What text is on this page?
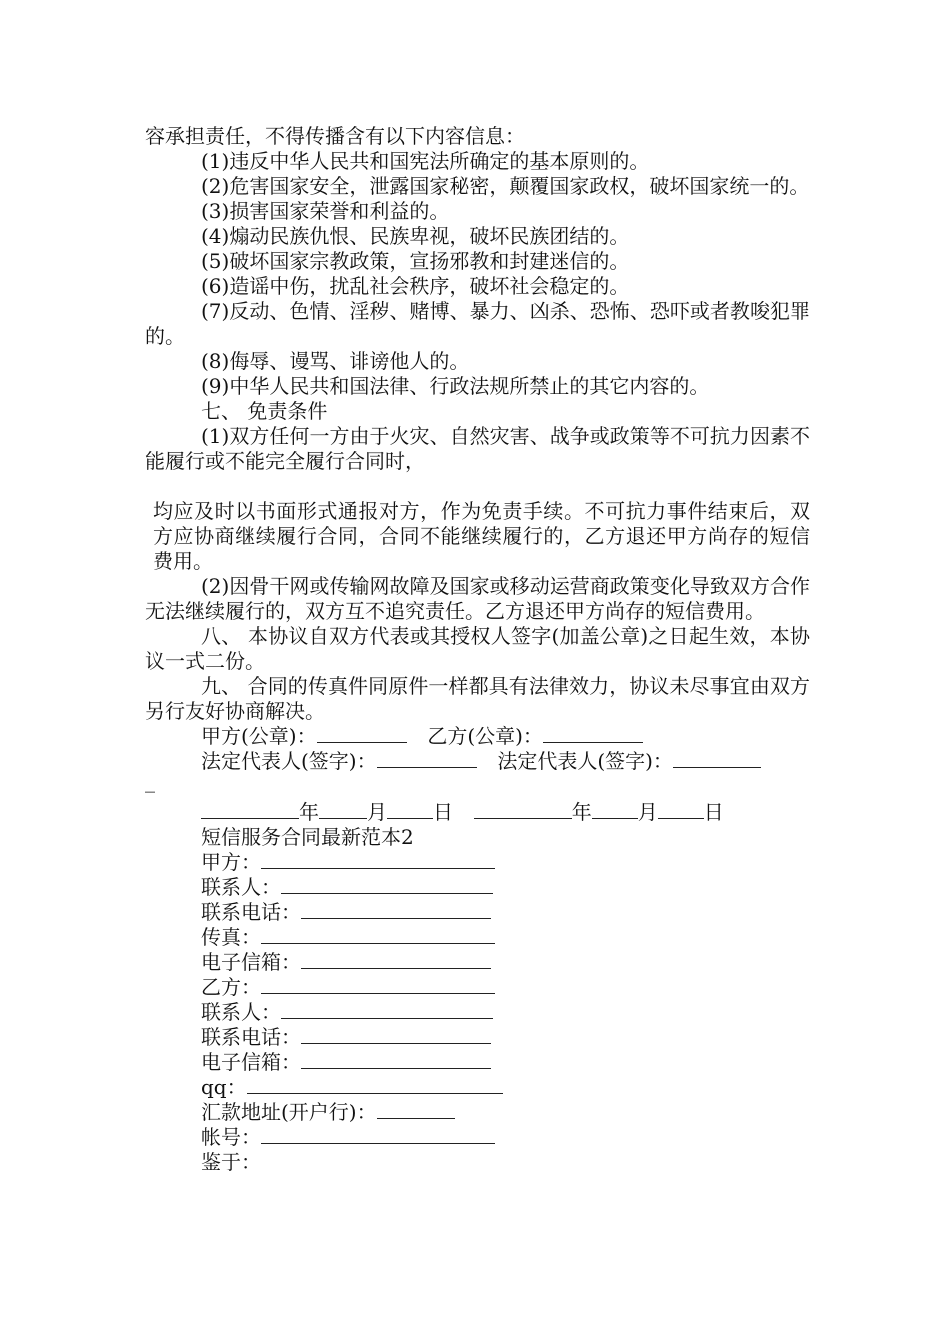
容承担责任，不得传播含有以下内容信息：

(1)违反中华人民共和国宪法所确定的基本原则的。

(2)危害国家安全，泄露国家秘密，颠覆国家政权，破坏国家统一的。

(3)损害国家荣誉和利益的。

(4)煽动民族仇恨、民族卑视，破坏民族团结的。

(5)破坏国家宗教政策，宣扬邪教和封建迷信的。

(6)造谣中伤，扰乱社会秩序，破坏社会稳定的。

(7)反动、色情、淫秽、赌博、暴力、凶杀、恐怖、恐吓或者教唆犯罪的。

(8)侮辱、谩骂、诽谤他人的。

(9)中华人民共和国法律、行政法规所禁止的其它内容的。

七、 免责条件

(1)双方任何一方由于火灾、自然灾害、战争或政策等不可抗力因素不能履行或不能完全履行合同时，

均应及时以书面形式通报对方，作为免责手续。不可抗力事件结束后，双方应协商继续履行合同，合同不能继续履行的，乙方退还甲方尚存的短信费用。

(2)因骨干网或传输网故障及国家或移动运营商政策变化导致双方合作无法继续履行的，双方互不追究责任。乙方退还甲方尚存的短信费用。

八、 本协议自双方代表或其授权人签字(加盖公章)之日起生效，本协议一式二份。

九、 合同的传真件同原件一样都具有法律效力，协议未尽事宜由双方另行友好协商解决。

甲方(公章)：	乙方(公章)：
法定代表人(签字)：	法定代表人(签字)：
_
年 月 日	年 月 日
短信服务合同最新范本2
甲方：
联系人：
联系电话：
传真：
电子信箱：
乙方：
联系人：
联系电话：
电子信箱：
qq：
汇款地址(开户行)：
帐号：
鉴于：
